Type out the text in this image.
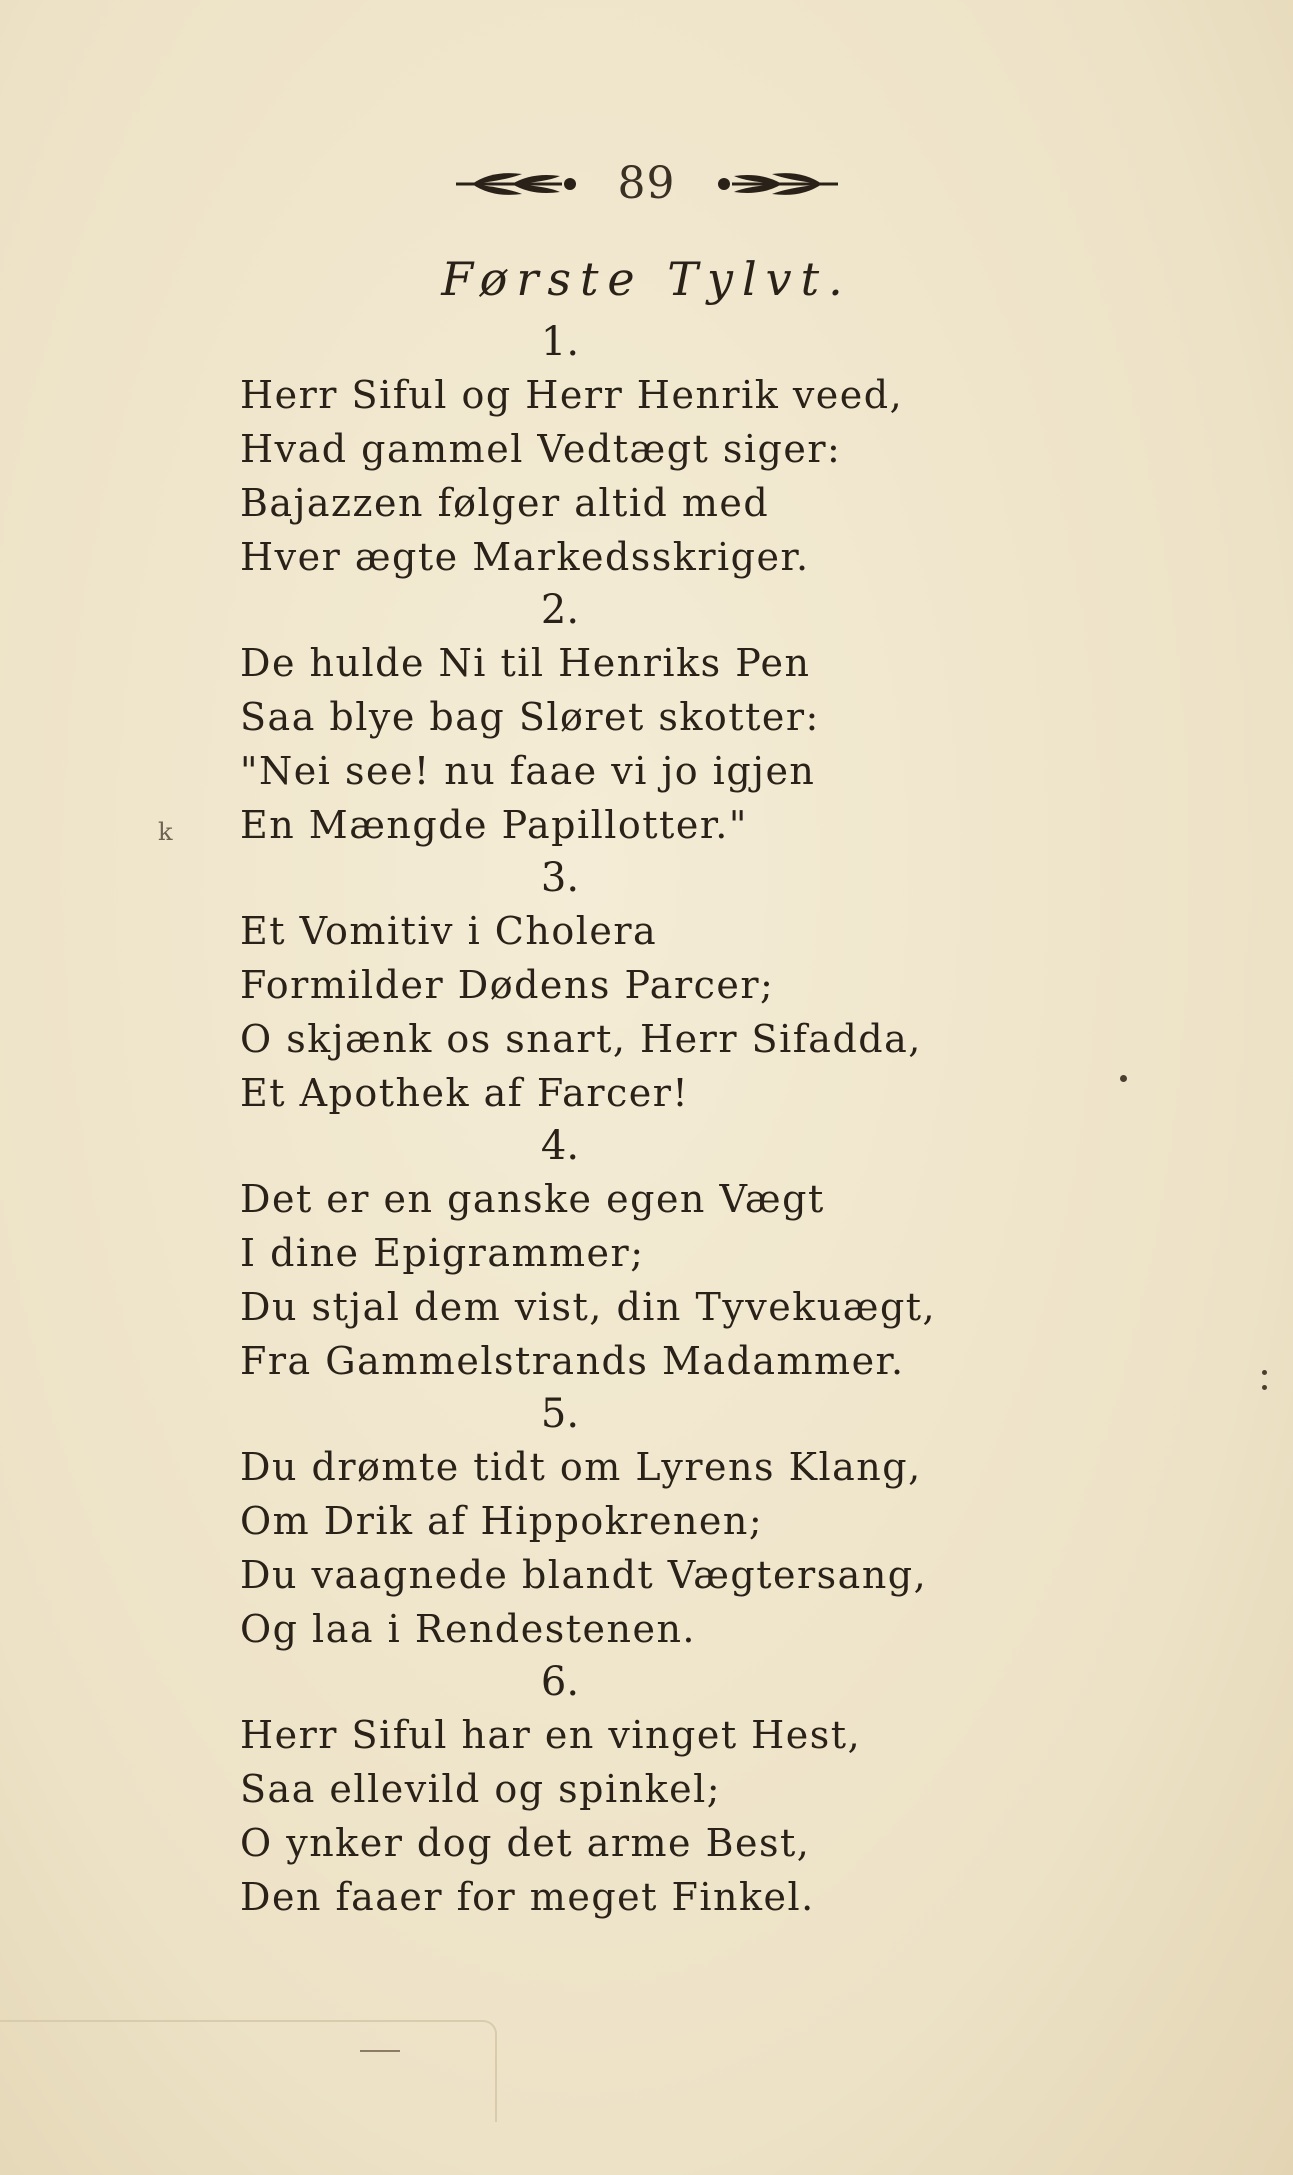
89
Første Tylvt.
k
1.
Herr Siful og Herr Henrik veed,
Hvad gammel Vedtægt siger:
Bajazzen følger altid med
Hver ægte Markedsskriger.
2.
De hulde Ni til Henriks Pen
Saa blye bag Sløret skotter:
"Nei see! nu faae vi jo igjen
En Mængde Papillotter."
3.
Et Vomitiv i Cholera
Formilder Dødens Parcer;
O skjænk os snart, Herr Sifadda,
Et Apothek af Farcer!
4.
Det er en ganske egen Vægt
I dine Epigrammer;
Du stjal dem vist, din Tyvekuægt,
Fra Gammelstrands Madammer.
5.
Du drømte tidt om Lyrens Klang,
Om Drik af Hippokrenen;
Du vaagnede blandt Vægtersang,
Og laa i Rendestenen.
6.
Herr Siful har en vinget Hest,
Saa ellevild og spinkel;
O ynker dog det arme Best,
Den faaer for meget Finkel.
